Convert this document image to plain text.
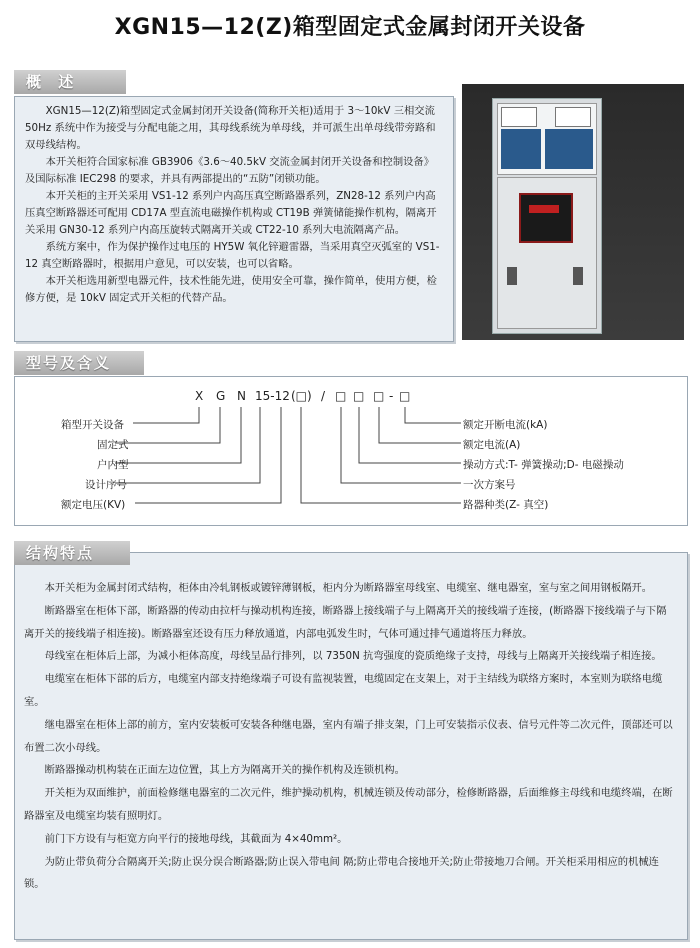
XGN15—12(Z)箱型固定式金属封闭开关设备
概 述

XGN15—12(Z)箱型固定式金属封闭开关设备(简称开关柜)适用于 3～10kV 三相交流 50Hz 系统中作为接受与分配电能之用，其母线系统为单母线，并可派生出单母线带旁路和双母线结构。

本开关柜符合国家标准 GB3906《3.6～40.5kV 交流金属封闭开关设备和控制设备》及国际标准 IEC298 的要求，并具有两部提出的“五防”闭锁功能。

本开关柜的主开关采用 VS1-12 系列户内高压真空断路器系列，ZN28-12 系列户内高压真空断路器还可配用 CD17A 型直流电磁操作机构或 CT19B 弹簧储能操作机构，隔离开关采用 GN30-12 系列户内高压旋转式隔离开关或 CT22-10 系列大电流隔离产品。

系统方案中，作为保护操作过电压的 HY5W 氧化锌避雷器，当采用真空灭弧室的 VS1-12 真空断路器时，根据用户意见，可以安装，也可以省略。

本开关柜选用新型电器元件，技术性能先进，使用安全可靠，操作简单，使用方便，检修方便，是 10kV 固定式开关柜的代替产品。

型号及含义
X G N 15-12 (□) / □ □ □ - □
箱型开关设备
固定式
户内型
设计序号
额定电压(KV)
额定开断电流(kA)
额定电流(A)
操动方式:T- 弹簧操动;D- 电磁操动
一次方案号
路器种类(Z- 真空)
结构特点

本开关柜为金属封闭式结构，柜体由冷轧钢板或镀锌薄钢板，柜内分为断路器室母线室、电缆室、继电器室，室与室之间用钢板隔开。

断路器室在柜体下部，断路器的传动由拉杆与操动机构连接，断路器上接线端子与上隔离开关的接线端子连接，(断路器下接线端子与下隔离开关的接线端子相连接)。断路器室还设有压力释放通道，内部电弧发生时，气体可通过排气通道将压力释放。

母线室在柜体后上部，为减小柜体高度，母线呈品行排列，以 7350N 抗弯强度的瓷质绝缘子支持，母线与上隔离开关接线端子相连接。

电缆室在柜体下部的后方，电缆室内部支持绝缘端子可设有监视装置，电缆固定在支架上，对于主结线为联络方案时，本室则为联络电缆室。

继电器室在柜体上部的前方，室内安装板可安装各种继电器，室内有端子排支架，门上可安装指示仪表、信号元件等二次元件，顶部还可以布置二次小母线。

断路器操动机构装在正面左边位置，其上方为隔离开关的操作机构及连锁机构。

开关柜为双面维护，前面检修继电器室的二次元件，维护操动机构，机械连锁及传动部分，检修断路器，后面维修主母线和电缆终端，在断路器室及电缆室均装有照明灯。

前门下方设有与柜宽方向平行的接地母线，其截面为 4×40mm²。

为防止带负荷分合隔离开关;防止误分误合断路器;防止误入带电间 隔;防止带电合接地开关;防止带接地刀合闸。开关柜采用相应的机械连锁。
